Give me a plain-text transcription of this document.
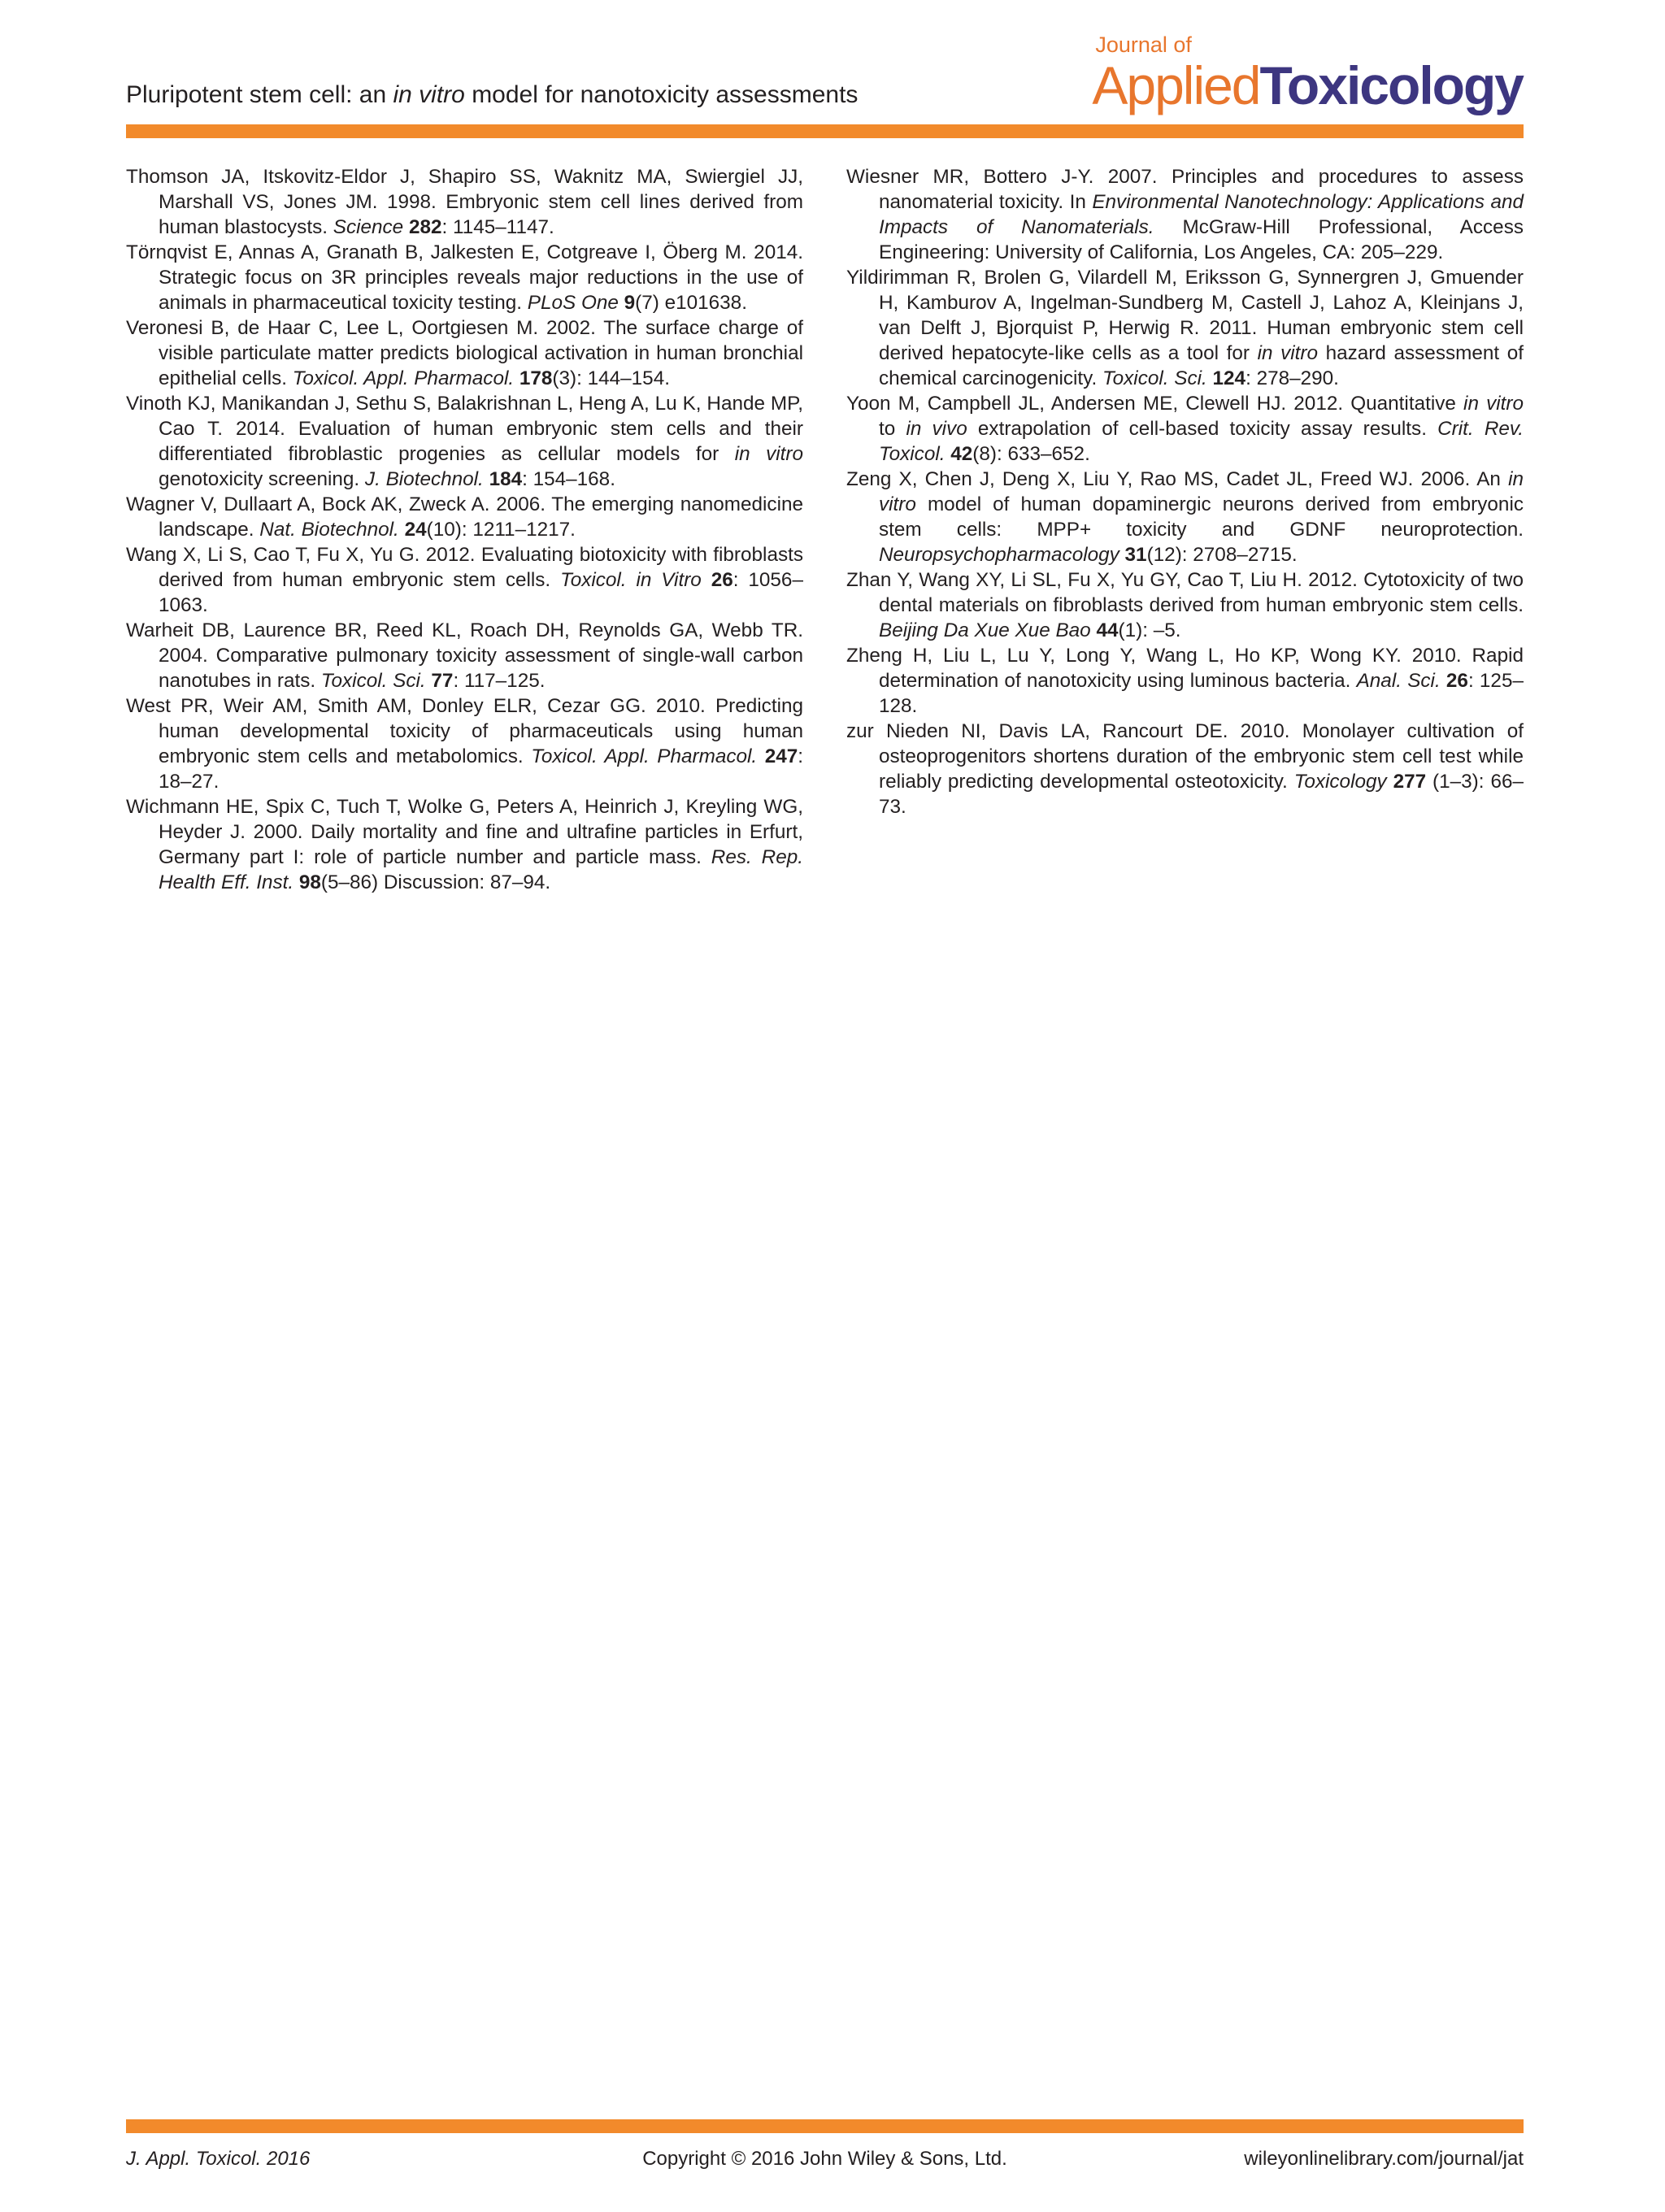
Pluripotent stem cell: an in vitro model for nanotoxicity assessments
Journal of
AppliedToxicology

Thomson JA, Itskovitz-Eldor J, Shapiro SS, Waknitz MA, Swiergiel JJ, Marshall VS, Jones JM. 1998. Embryonic stem cell lines derived from human blastocysts. Science 282: 1145–1147.

Törnqvist E, Annas A, Granath B, Jalkesten E, Cotgreave I, Öberg M. 2014. Strategic focus on 3R principles reveals major reductions in the use of animals in pharmaceutical toxicity testing. PLoS One 9(7) e101638.

Veronesi B, de Haar C, Lee L, Oortgiesen M. 2002. The surface charge of visible particulate matter predicts biological activation in human bronchial epithelial cells. Toxicol. Appl. Pharmacol. 178(3): 144–154.

Vinoth KJ, Manikandan J, Sethu S, Balakrishnan L, Heng A, Lu K, Hande MP, Cao T. 2014. Evaluation of human embryonic stem cells and their differentiated fibroblastic progenies as cellular models for in vitro genotoxicity screening. J. Biotechnol. 184: 154–168.

Wagner V, Dullaart A, Bock AK, Zweck A. 2006. The emerging nanomedicine landscape. Nat. Biotechnol. 24(10): 1211–1217.

Wang X, Li S, Cao T, Fu X, Yu G. 2012. Evaluating biotoxicity with fibroblasts derived from human embryonic stem cells. Toxicol. in Vitro 26: 1056–1063.

Warheit DB, Laurence BR, Reed KL, Roach DH, Reynolds GA, Webb TR. 2004. Comparative pulmonary toxicity assessment of single-wall carbon nanotubes in rats. Toxicol. Sci. 77: 117–125.

West PR, Weir AM, Smith AM, Donley ELR, Cezar GG. 2010. Predicting human developmental toxicity of pharmaceuticals using human embryonic stem cells and metabolomics. Toxicol. Appl. Pharmacol. 247: 18–27.

Wichmann HE, Spix C, Tuch T, Wolke G, Peters A, Heinrich J, Kreyling WG, Heyder J. 2000. Daily mortality and fine and ultrafine particles in Erfurt, Germany part I: role of particle number and particle mass. Res. Rep. Health Eff. Inst. 98(5–86) Discussion: 87–94.

Wiesner MR, Bottero J-Y. 2007. Principles and procedures to assess nanomaterial toxicity. In Environmental Nanotechnology: Applications and Impacts of Nanomaterials. McGraw-Hill Professional, Access Engineering: University of California, Los Angeles, CA: 205–229.

Yildirimman R, Brolen G, Vilardell M, Eriksson G, Synnergren J, Gmuender H, Kamburov A, Ingelman-Sundberg M, Castell J, Lahoz A, Kleinjans J, van Delft J, Bjorquist P, Herwig R. 2011. Human embryonic stem cell derived hepatocyte-like cells as a tool for in vitro hazard assessment of chemical carcinogenicity. Toxicol. Sci. 124: 278–290.

Yoon M, Campbell JL, Andersen ME, Clewell HJ. 2012. Quantitative in vitro to in vivo extrapolation of cell-based toxicity assay results. Crit. Rev. Toxicol. 42(8): 633–652.

Zeng X, Chen J, Deng X, Liu Y, Rao MS, Cadet JL, Freed WJ. 2006. An in vitro model of human dopaminergic neurons derived from embryonic stem cells: MPP+ toxicity and GDNF neuroprotection. Neuropsychopharmacology 31(12): 2708–2715.

Zhan Y, Wang XY, Li SL, Fu X, Yu GY, Cao T, Liu H. 2012. Cytotoxicity of two dental materials on fibroblasts derived from human embryonic stem cells. Beijing Da Xue Xue Bao 44(1): –5.

Zheng H, Liu L, Lu Y, Long Y, Wang L, Ho KP, Wong KY. 2010. Rapid determination of nanotoxicity using luminous bacteria. Anal. Sci. 26: 125–128.

zur Nieden NI, Davis LA, Rancourt DE. 2010. Monolayer cultivation of osteoprogenitors shortens duration of the embryonic stem cell test while reliably predicting developmental osteotoxicity. Toxicology 277 (1–3): 66–73.

J. Appl. Toxicol. 2016	Copyright © 2016 John Wiley & Sons, Ltd.	wileyonlinelibrary.com/journal/jat
